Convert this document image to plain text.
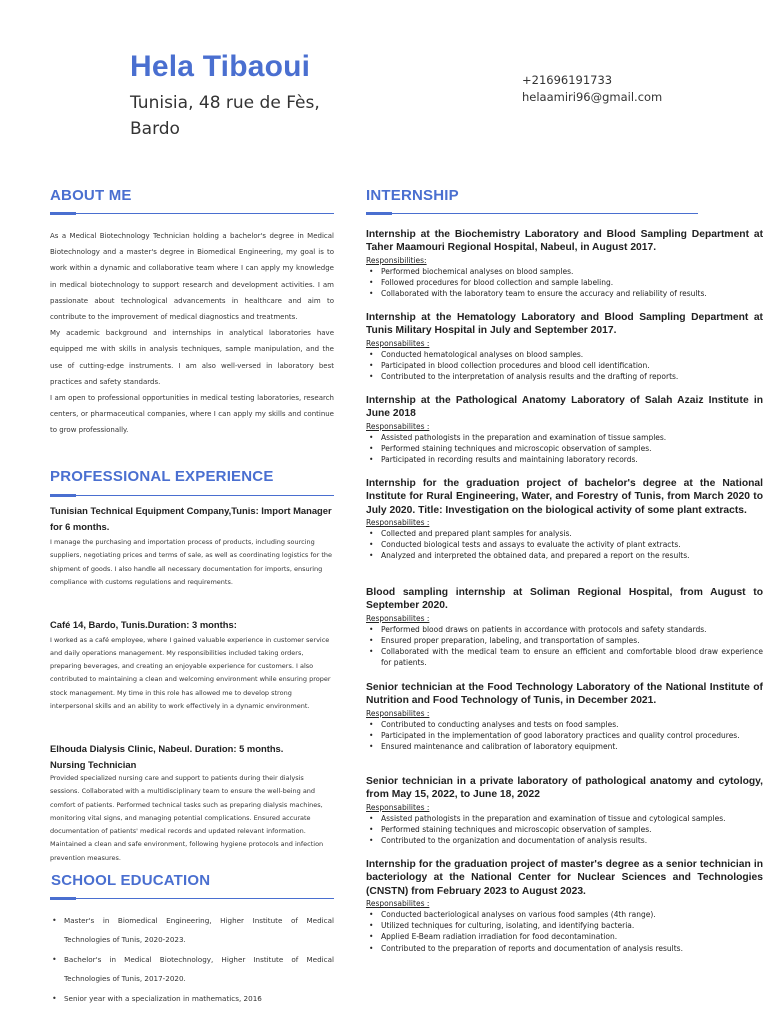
Hela Tibaoui
Tunisia, 48 rue de Fès, Bardo
+21696191733
helaamiri96@gmail.com
ABOUT ME

As a Medical Biotechnology Technician holding a bachelor's degree in Medical Biotechnology and a master's degree in Biomedical Engineering, my goal is to work within a dynamic and collaborative team where I can apply my knowledge in medical biotechnology to support research and development activities. I am passionate about technological advancements in healthcare and aim to contribute to the improvement of medical diagnostics and treatments.

My academic background and internships in analytical laboratories have equipped me with skills in analysis techniques, sample manipulation, and the use of cutting-edge instruments. I am also well-versed in laboratory best practices and safety standards.

I am open to professional opportunities in medical testing laboratories, research centers, or pharmaceutical companies, where I can apply my skills and continue to grow professionally.

PROFESSIONAL EXPERIENCE
Tunisian Technical Equipment Company,Tunis: Import Manager for 6 months.
I manage the purchasing and importation process of products, including sourcing suppliers, negotiating prices and terms of sale, as well as coordinating logistics for the shipment of goods. I also handle all necessary documentation for imports, ensuring compliance with customs regulations and requirements.
Café 14, Bardo, Tunis.Duration: 3 months:
I worked as a café employee, where I gained valuable experience in customer service and daily operations management. My responsibilities included taking orders, preparing beverages, and creating an enjoyable experience for customers. I also contributed to maintaining a clean and welcoming environment while ensuring proper stock management. My time in this role has allowed me to develop strong interpersonal skills and an ability to work effectively in a dynamic environment.
Elhouda Dialysis Clinic, Nabeul. Duration: 5 months. Nursing Technician
Provided specialized nursing care and support to patients during their dialysis sessions. Collaborated with a multidisciplinary team to ensure the well-being and comfort of patients. Performed technical tasks such as preparing dialysis machines, monitoring vital signs, and managing potential complications. Ensured accurate documentation of patients' medical records and updated relevant information. Maintained a clean and safe environment, following hygiene protocols and infection prevention measures.
SCHOOL EDUCATION
• Master's in Biomedical Engineering, Higher Institute of Medical Technologies of Tunis, 2020-2023.
• Bachelor's in Medical Biotechnology, Higher Institute of Medical Technologies of Tunis, 2017-2020.
• Senior year with a specialization in mathematics, 2016
INTERNSHIP
Internship at the Biochemistry Laboratory and Blood Sampling Department at Taher Maamouri Regional Hospital, Nabeul, in August 2017.
Responsibilities:
• Performed biochemical analyses on blood samples.
• Followed procedures for blood collection and sample labeling.
• Collaborated with the laboratory team to ensure the accuracy and reliability of results.
Internship at the Hematology Laboratory and Blood Sampling Department at Tunis Military Hospital in July and September 2017.
Responsabilites :
• Conducted hematological analyses on blood samples.
• Participated in blood collection procedures and blood cell identification.
• Contributed to the interpretation of analysis results and the drafting of reports.
Internship at the Pathological Anatomy Laboratory of Salah Azaiz Institute in June 2018
Responsabilites :
• Assisted pathologists in the preparation and examination of tissue samples.
• Performed staining techniques and microscopic observation of samples.
• Participated in recording results and maintaining laboratory records.
Internship for the graduation project of bachelor's degree at the National Institute for Rural Engineering, Water, and Forestry of Tunis, from March 2020 to July 2020. Title: Investigation on the biological activity of some plant extracts.
Responsabilites :
• Collected and prepared plant samples for analysis.
• Conducted biological tests and assays to evaluate the activity of plant extracts.
• Analyzed and interpreted the obtained data, and prepared a report on the results.
Blood sampling internship at Soliman Regional Hospital, from August to September 2020.
Responsabilites :
• Performed blood draws on patients in accordance with protocols and safety standards.
• Ensured proper preparation, labeling, and transportation of samples.
• Collaborated with the medical team to ensure an efficient and comfortable blood draw experience for patients.
Senior technician at the Food Technology Laboratory of the National Institute of Nutrition and Food Technology of Tunis, in December 2021.
Responsabilites :
• Contributed to conducting analyses and tests on food samples.
• Participated in the implementation of good laboratory practices and quality control procedures.
• Ensured maintenance and calibration of laboratory equipment.
Senior technician in a private laboratory of pathological anatomy and cytology, from May 15, 2022, to June 18, 2022
Responsabilites :
• Assisted pathologists in the preparation and examination of tissue and cytological samples.
• Performed staining techniques and microscopic observation of samples.
• Contributed to the organization and documentation of analysis results.
Internship for the graduation project of master's degree as a senior technician in bacteriology at the National Center for Nuclear Sciences and Technologies (CNSTN) from February 2023 to August 2023.
Responsabilites :
• Conducted bacteriological analyses on various food samples (4th range).
• Utilized techniques for culturing, isolating, and identifying bacteria.
• Applied E-Beam radiation irradiation for food decontamination.
• Contributed to the preparation of reports and documentation of analysis results.
